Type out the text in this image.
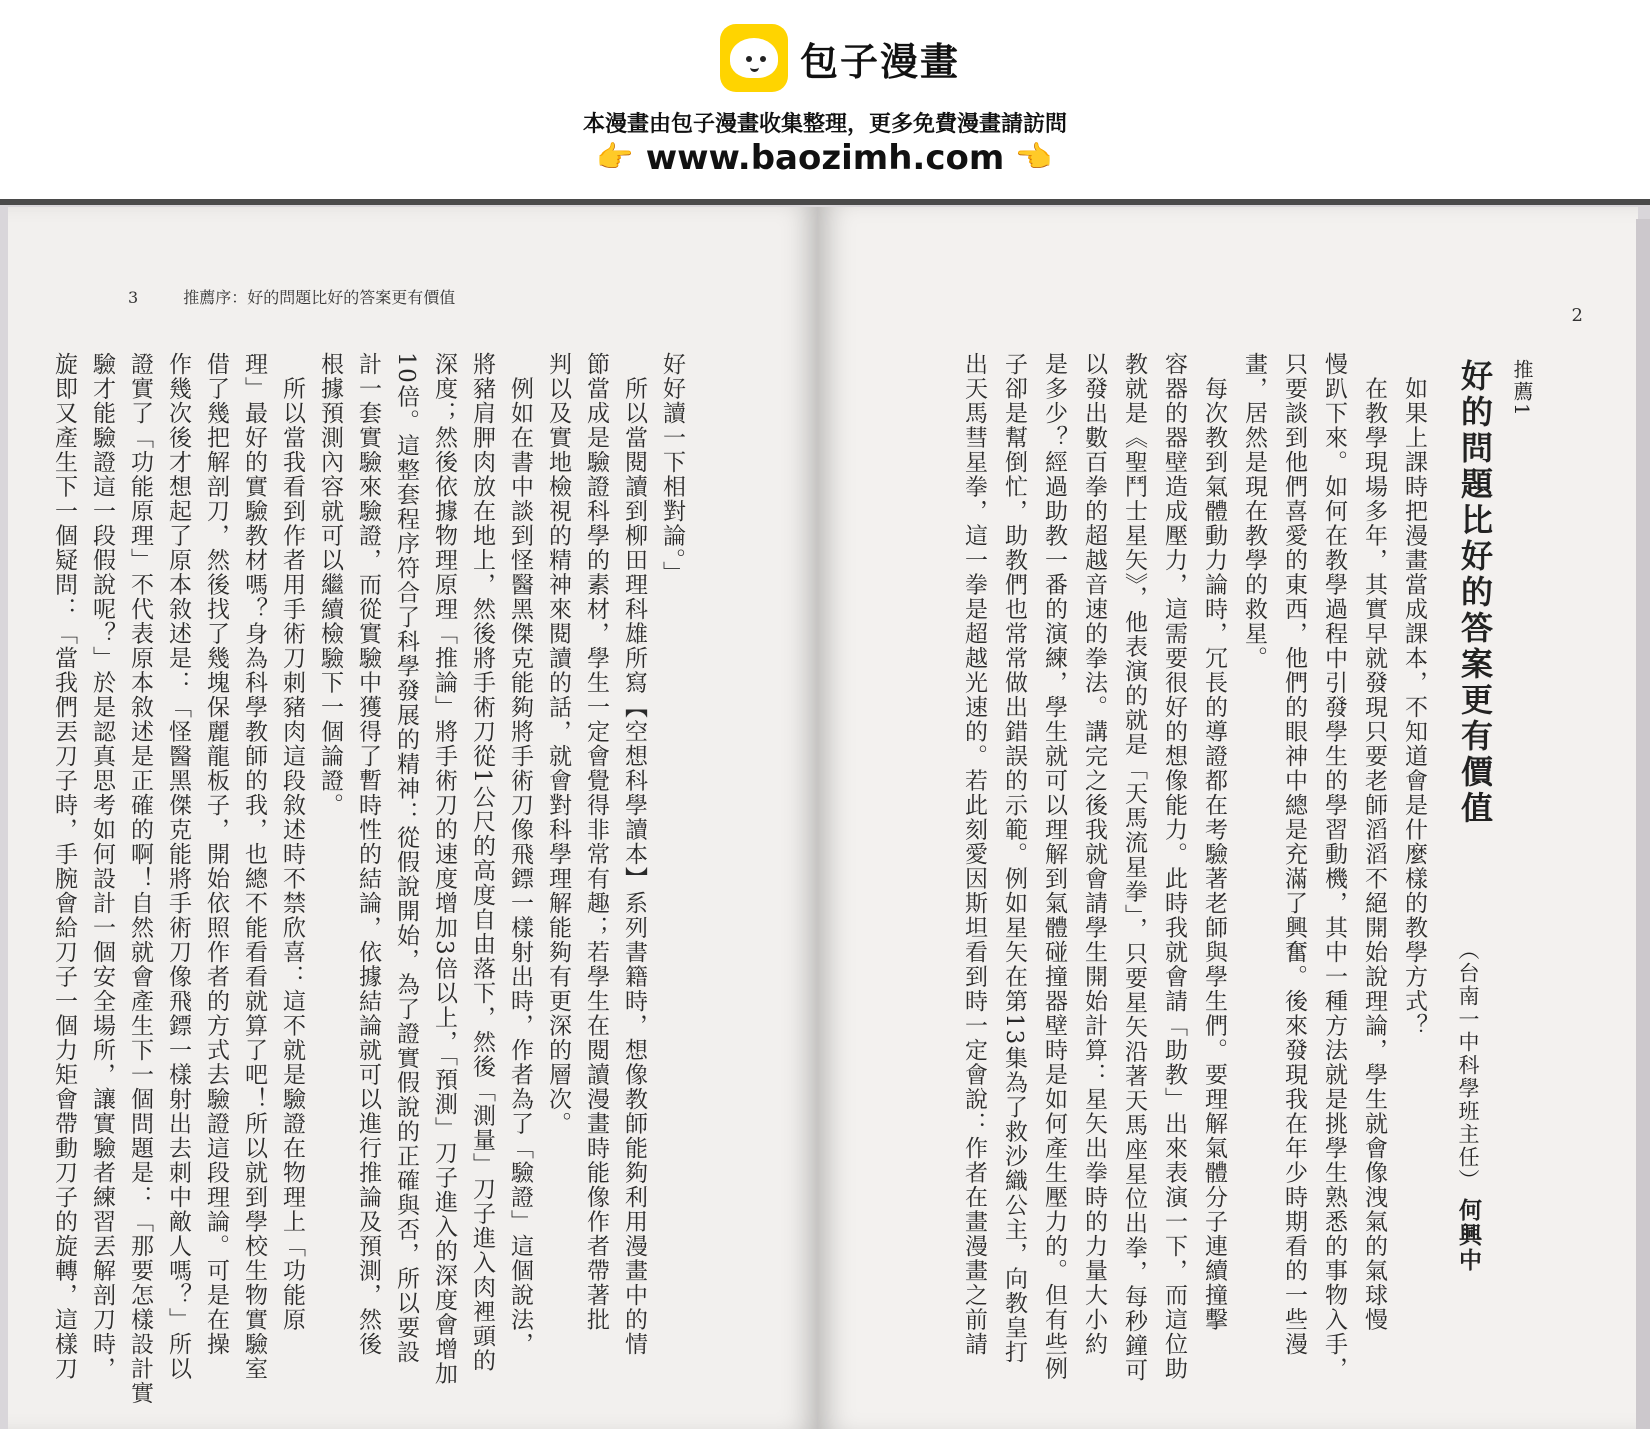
包子漫畫
本漫畫由包子漫畫收集整理，更多免費漫畫請訪問
👉 www.baozimh.com 👉
3	推薦序：好的問題比好的答案更有價值
好好讀一下相對論。」
　所以當閱讀到柳田理科雄所寫【空想科學讀本】系列書籍時，想像教師能夠利用漫畫中的情
節當成是驗證科學的素材，學生一定會覺得非常有趣；若學生在閱讀漫畫時能像作者帶著批
判以及實地檢視的精神來閱讀的話，就會對科學理解能夠有更深的層次。
　例如在書中談到怪醫黑傑克能夠將手術刀像飛鏢一樣射出時，作者為了「驗證」這個說法，
將豬肩胛肉放在地上，然後將手術刀從1公尺的高度自由落下，然後「測量」刀子進入肉裡頭的
深度；然後依據物理原理「推論」將手術刀的速度增加3倍以上，「預測」刀子進入的深度會增加
10倍。這整套程序符合了科學發展的精神：從假說開始，為了證實假說的正確與否，所以要設
計一套實驗來驗證，而從實驗中獲得了暫時性的結論，依據結論就可以進行推論及預測，然後
根據預測內容就可以繼續檢驗下一個論證。
　所以當我看到作者用手術刀刺豬肉這段敘述時不禁欣喜：這不就是驗證在物理上「功能原
理」最好的實驗教材嗎？身為科學教師的我，也總不能看看就算了吧！所以就到學校生物實驗室
借了幾把解剖刀，然後找了幾塊保麗龍板子，開始依照作者的方式去驗證這段理論。可是在操
作幾次後才想起了原本敘述是：「怪醫黑傑克能將手術刀像飛鏢一樣射出去刺中敵人嗎？」所以
證實了「功能原理」不代表原本敘述是正確的啊！自然就會產生下一個問題是：「那要怎樣設計實
驗才能驗證這一段假說呢？」於是認真思考如何設計一個安全場所，讓實驗者練習丟解剖刀時，
旋即又產生下一個疑問：「當我們丟刀子時，手腕會給刀子一個力矩會帶動刀子的旋轉，這樣刀
2
推薦1
好的問題比好的答案更有價值
（台南一中科學班主任）何興中
　如果上課時把漫畫當成課本，不知道會是什麼樣的教學方式？
　在教學現場多年，其實早就發現只要老師滔滔不絕開始說理論，學生就會像洩氣的氣球慢
慢趴下來。如何在教學過程中引發學生的學習動機，其中一種方法就是挑學生熟悉的事物入手，
只要談到他們喜愛的東西，他們的眼神中總是充滿了興奮。後來發現我在年少時期看的一些漫
畫，居然是現在教學的救星。
　每次教到氣體動力論時，冗長的導證都在考驗著老師與學生們。要理解氣體分子連續撞擊
容器的器壁造成壓力，這需要很好的想像能力。此時我就會請「助教」出來表演一下，而這位助
教就是《聖鬥士星矢》，他表演的就是「天馬流星拳」，只要星矢沿著天馬座星位出拳，每秒鐘可
以發出數百拳的超越音速的拳法。講完之後我就會請學生開始計算：星矢出拳時的力量大小約
是多少？經過助教一番的演練，學生就可以理解到氣體碰撞器壁時是如何產生壓力的。但有些例
子卻是幫倒忙，助教們也常常做出錯誤的示範。例如星矢在第13集為了救沙織公主，向教皇打
出天馬彗星拳，這一拳是超越光速的。若此刻愛因斯坦看到時一定會說：作者在畫漫畫之前請
